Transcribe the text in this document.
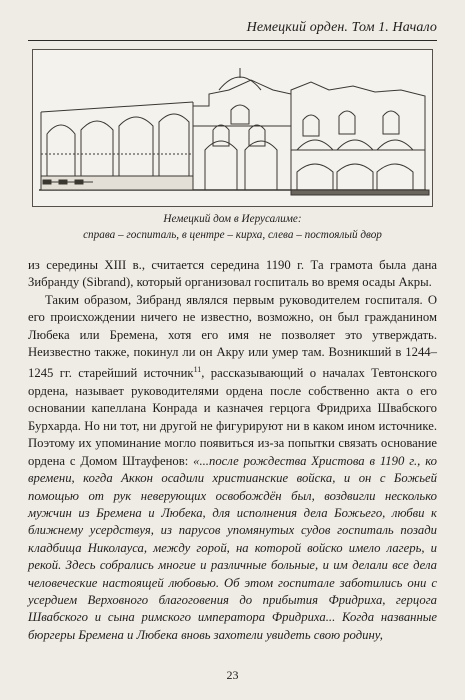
Немецкий орден. Том 1. Начало
Немецкий дом в Иерусалиме:
справа – госпиталь, в центре – кирха, слева – постоялый двор

из середины XIII в., считается середина 1190 г. Та грамота была дана Зибранду (Sibrand), который организовал госпиталь во время осады Акры.

Таким образом, Зибранд являлся первым руководителем госпиталя. О его происхождении ничего не известно, возможно, он был гражданином Любека или Бремена, хотя его имя не позволяет это утверждать. Неизвестно также, покинул ли он Акру или умер там. Возникший в 1244–1245 гг. старейший источник$^{11}$, рассказывающий о началах Тевтонского ордена, называет руководителями ордена после собственно акта о его основании капеллана Конрада и казначея герцога Фридриха Швабского Бурхарда. Но ни тот, ни другой не фигурируют ни в каком ином источнике. Поэтому их упоминание могло появиться из-за попытки связать основание ордена с Домом Штауфенов: «...после рождества Христова в 1190 г., ко времени, когда Аккон осадили христианские войска, и он с Божьей помощью от рук неверующих освобождён был, воздвигли несколько мужчин из Бремена и Любека, для исполнения дела Божьего, любви к ближнему усердствуя, из парусов упомянутых судов госпиталь позади кладбища Николауса, между горой, на которой войско имело лагерь, и рекой. Здесь собрались многие и различные больные, и им делали все дела человеческие настоящей любовью. Об этом госпитале заботились они с усердием Верховного благоговения до прибытия Фридриха, герцога Швабского и сына римского императора Фридриха... Когда названные бюргеры Бремена и Любека вновь захотели увидеть свою родину,

23
